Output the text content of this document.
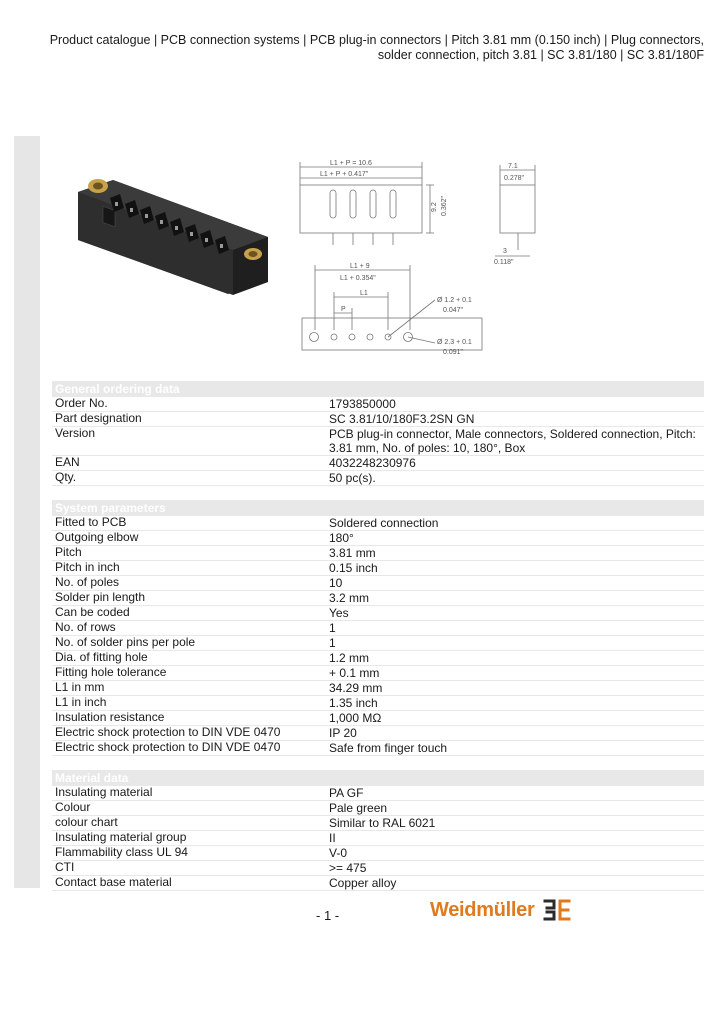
Product catalogue | PCB connection systems | PCB plug-in connectors | Pitch 3.81 mm (0.150 inch) | Plug connectors, solder connection, pitch 3.81 | SC 3.81/180 | SC 3.81/180F
L1 + P = 10.6
L1 + P + 0.417"
7.1
0.278"
9.2 0.362"
3
0.118"
L1 + 9
L1 + 0.354"
L1
P
Ø 1.2 + 0.1
0.047"
Ø 2.3 + 0.1
0.091"
General ordering data
Order No.	1793850000
Part designation	SC 3.81/10/180F3.2SN GN
Version	PCB plug-in connector, Male connectors, Soldered connection, Pitch: 3.81 mm, No. of poles: 10, 180°, Box
EAN	4032248230976
Qty.	50 pc(s).
System parameters
Fitted to PCB	Soldered connection
Outgoing elbow	180°
Pitch	3.81 mm
Pitch in inch	0.15 inch
No. of poles	10
Solder pin length	3.2 mm
Can be coded	Yes
No. of rows	1
No. of solder pins per pole	1
Dia. of fitting hole	1.2 mm
Fitting hole tolerance	+ 0.1 mm
L1 in mm	34.29 mm
L1 in inch	1.35 inch
Insulation resistance	1,000 MΩ
Electric shock protection to DIN VDE 0470	IP 20
Electric shock protection to DIN VDE 0470	Safe from finger touch
Material data
Insulating material	PA GF
Colour	Pale green
colour chart	Similar to RAL 6021
Insulating material group	II
Flammability class UL 94	V-0
CTI	>= 475
Contact base material	Copper alloy
- 1 -	Weidmüller
